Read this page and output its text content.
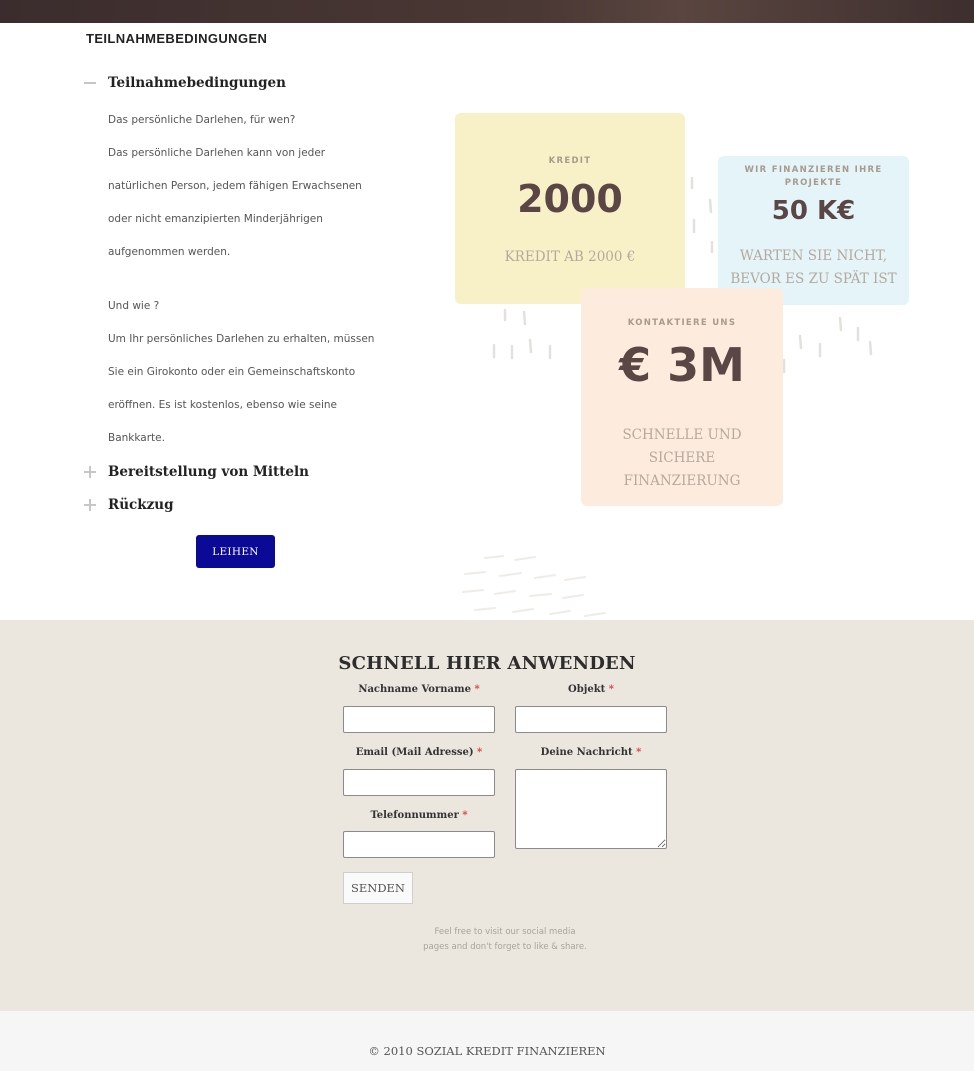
TEILNAHMEBEDINGUNGEN
Teilnahmebedingungen

Das persönliche Darlehen, für wen?

Das persönliche Darlehen kann von jeder

natürlichen Person, jedem fähigen Erwachsenen

oder nicht emanzipierten Minderjährigen

aufgenommen werden.

Und wie ?

Um Ihr persönliches Darlehen zu erhalten, müssen

Sie ein Girokonto oder ein Gemeinschaftskonto

eröffnen. Es ist kostenlos, ebenso wie seine

Bankkarte.

Bereitstellung von Mitteln
Rückzug
LEIHEN
KREDIT
2000
KREDIT AB 2000 €
WIR FINANZIEREN IHRE PROJEKTE
50 K€
WARTEN SIE NICHT, BEVOR ES ZU SPÄT IST
KONTAKTIERE UNS
€ 3M
SCHNELLE UND SICHERE FINANZIERUNG
SCHNELL HIER ANWENDEN
Nachname Vorname *	Objekt *
Email (Mail Adresse) *	Deine Nachricht *
Telefonnummer *
SENDEN
Feel free to visit our social media
pages and don't forget to like & share.
© 2010 SOZIAL KREDIT FINANZIEREN
